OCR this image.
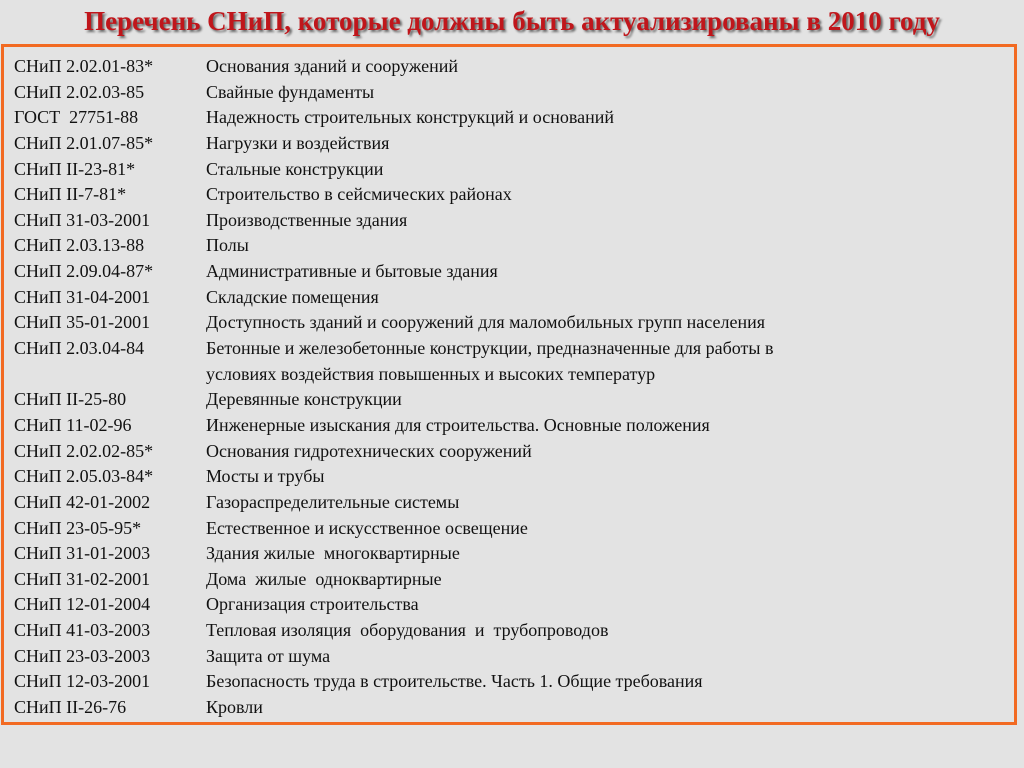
Перечень СНиП, которые должны быть актуализированы в 2010 году
СНиП 2.02.01-83*	Основания зданий и сооружений
СНиП 2.02.03-85	Свайные фундаменты
ГОСТ  27751-88	Надежность строительных конструкций и оснований
СНиП 2.01.07-85*	Нагрузки и воздействия
СНиП II-23-81*	Стальные конструкции
СНиП II-7-81*	Строительство в сейсмических районах
СНиП 31-03-2001	Производственные здания
СНиП 2.03.13-88	Полы
СНиП 2.09.04-87*	Административные и бытовые здания
СНиП 31-04-2001	Складские помещения
СНиП 35-01-2001	Доступность зданий и сооружений для маломобильных групп населения
СНиП 2.03.04-84	Бетонные и железобетонные конструкции, предназначенные для работы в
условиях воздействия повышенных и высоких температур
СНиП II-25-80	Деревянные конструкции
СНиП 11-02-96	Инженерные изыскания для строительства. Основные положения
СНиП 2.02.02-85*	Основания гидротехнических сооружений
СНиП 2.05.03-84*	Мосты и трубы
СНиП 42-01-2002	Газораспределительные системы
СНиП 23-05-95*	Естественное и искусственное освещение
СНиП 31-01-2003	Здания жилые  многоквартирные
СНиП 31-02-2001	Дома  жилые  одноквартирные
СНиП 12-01-2004	Организация строительства
СНиП 41-03-2003	Тепловая изоляция  оборудования  и  трубопроводов
СНиП 23-03-2003	Защита от шума
СНиП 12-03-2001	Безопасность труда в строительстве. Часть 1. Общие требования
СНиП II-26-76	Кровли
